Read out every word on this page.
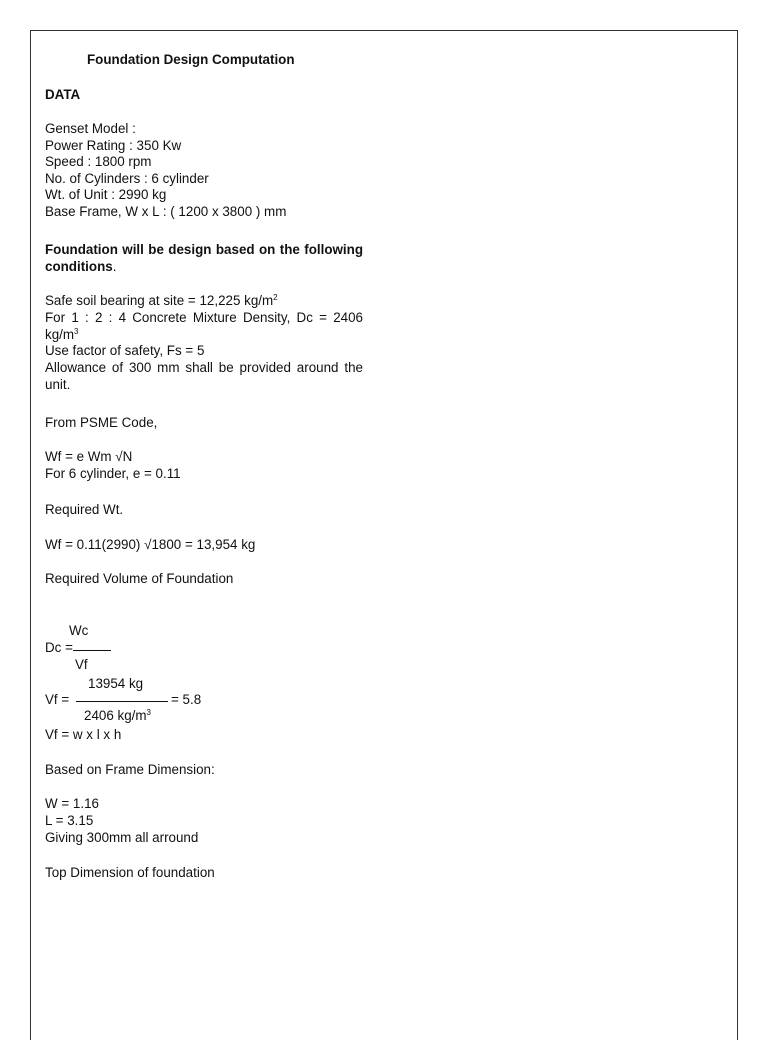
Foundation Design Computation
DATA
Genset Model :
Power Rating : 350 Kw
Speed : 1800 rpm
No. of Cylinders : 6 cylinder
Wt. of Unit : 2990 kg
Base Frame, W x L : ( 1200 x 3800 ) mm
Foundation will be design based on the following conditions.
Safe soil bearing at site = 12,225 $kg/m^2$
For 1 : 2 : 4 Concrete Mixture Density, Dc = 2406 $kg/m^3$
Use factor of safety, Fs = 5
Allowance of 300 mm shall be provided around the unit.
From PSME Code,
Wf = e Wm √N
For 6 cylinder, e = 0.11
Required Wt.
Wf = 0.11(2990) √1800 = 13,954 kg
Required Volume of Foundation
Wc
Dc =
Vf
13954 kg
Vf =	= 5.8
2406 $kg/m^3$
Vf = w x l x h
Based on Frame Dimension:
W = 1.16
L = 3.15
Giving 300mm all arround
Top Dimension of foundation
